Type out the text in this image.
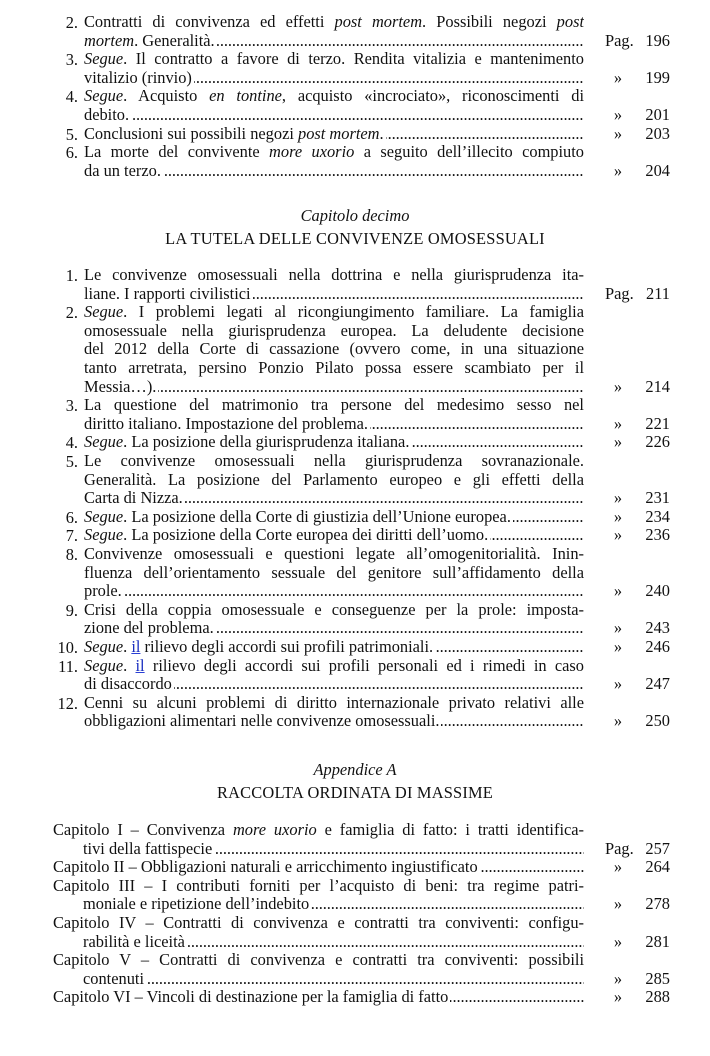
2. Contratti di convivenza ed effetti post mortem. Possibili negozi post
mortem. Generalità. . . .	Pag. 196
3. Segue. Il contratto a favore di terzo. Rendita vitalizia e mantenimento
vitalizio (rinvio) . . .	»	199
4. Segue. Acquisto en tontine, acquisto «incrociato», riconoscimenti di
debito. . . .	»	201
5. Conclusioni sui possibili negozi post mortem. . . .	»	203
6. La morte del convivente more uxorio a seguito dell’illecito compiuto
da un terzo. . . .	»	204
Capitolo decimo
LA TUTELA DELLE CONVIVENZE OMOSESSUALI
1. Le convivenze omosessuali nella dottrina e nella giurisprudenza ita-
liane. I rapporti civilistici . . .	Pag. 211
2. Segue. I problemi legati al ricongiungimento familiare. La famiglia
omosessuale nella giurisprudenza europea. La deludente decisione
del 2012 della Corte di cassazione (ovvero come, in una situazione
tanto arretrata, persino Ponzio Pilato possa essere scambiato per il
Messia…). . . .	»	214
3. La questione del matrimonio tra persone del medesimo sesso nel
diritto italiano. Impostazione del problema. . . .	»	221
4. Segue. La posizione della giurisprudenza italiana. . . .	»	226
5. Le convivenze omosessuali nella giurisprudenza sovranazionale.
Generalità. La posizione del Parlamento europeo e gli effetti della
Carta di Nizza. . . .	»	231
6. Segue. La posizione della Corte di giustizia dell’Unione europea. . . .	»	234
7. Segue. La posizione della Corte europea dei diritti dell’uomo. . . .	»	236
8. Convivenze omosessuali e questioni legate all’omogenitorialità. Inin-
fluenza dell’orientamento sessuale del genitore sull’affidamento della
prole. . . .	»	240
9. Crisi della coppia omosessuale e conseguenze per la prole: imposta-
zione del problema. . . .	»	243
10. Segue. il rilievo degli accordi sui profili patrimoniali. . . .	»	246
11. Segue. il rilievo degli accordi sui profili personali ed i rimedi in caso
di disaccordo . . .	»	247
12. Cenni su alcuni problemi di diritto internazionale privato relativi alle
obbligazioni alimentari nelle convivenze omosessuali. . . .	»	250
Appendice A
RACCOLTA ORDINATA DI MASSIME
Capitolo I – Convivenza more uxorio e famiglia di fatto: i tratti identifica-
tivi della fattispecie . . .	Pag. 257
Capitolo II – Obbligazioni naturali e arricchimento ingiustificato . . .	»	264
Capitolo III – I contributi forniti per l’acquisto di beni: tra regime patri-
moniale e ripetizione dell’indebito . . .	»	278
Capitolo IV – Contratti di convivenza e contratti tra conviventi: configu-
rabilità e liceità . . .	»	281
Capitolo V – Contratti di convivenza e contratti tra conviventi: possibili
contenuti . . .	»	285
Capitolo VI – Vincoli di destinazione per la famiglia di fatto . . .	»	288
